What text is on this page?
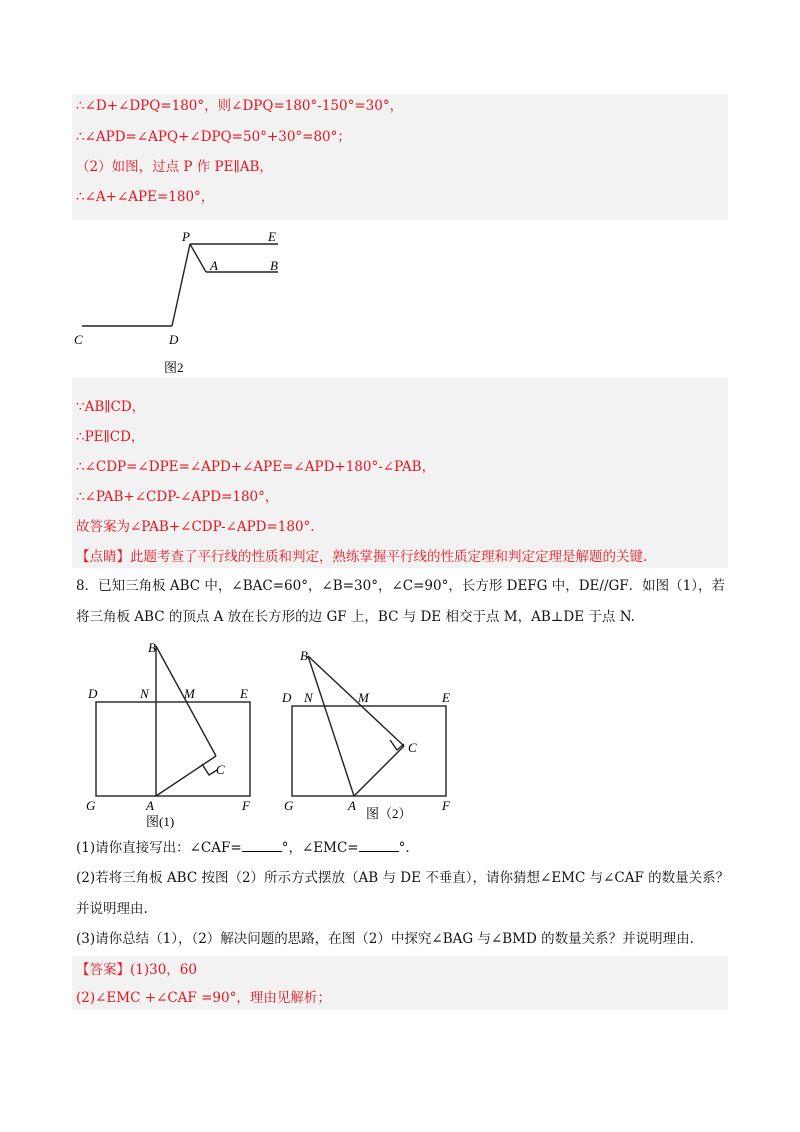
∴∠D+∠DPQ=180°，则∠DPQ=180°-150°=30°，
∴∠APD=∠APQ+∠DPQ=50°+30°=80°；
（2）如图，过点 P 作 PE∥AB，
∴∠A+∠APE=180°，
P	E
A	B
C	D
图2
∵AB∥CD，
∴PE∥CD，
∴∠CDP=∠DPE=∠APD+∠APE=∠APD+180°-∠PAB，
∴∠PAB+∠CDP-∠APD=180°，
故答案为∠PAB+∠CDP-∠APD=180°.
【点睛】此题考查了平行线的性质和判定，熟练掌握平行线的性质定理和判定定理是解题的关键.
8．已知三角板 ABC 中，∠BAC=60°，∠B=30°，∠C=90°，长方形 DEFG 中，DE//GF．如图（1），若
将三角板 ABC 的顶点 A 放在长方形的边 GF 上，BC 与 DE 相交于点 M，AB⊥DE 于点 N.
B
D	N	M	E
C
G	A	F
图(1)
B
D N	M	E
C
G	A	F
图（2）
(1)请你直接写出：∠CAF=	°，∠EMC=	°.
(2)若将三角板 ABC 按图（2）所示方式摆放（AB 与 DE 不垂直），请你猜想∠EMC 与∠CAF 的数量关系？
并说明理由.
(3)请你总结（1），（2）解决问题的思路，在图（2）中探究∠BAG 与∠BMD 的数量关系？并说明理由.
【答案】(1)30，60
(2)∠EMC +∠CAF =90°，理由见解析；
